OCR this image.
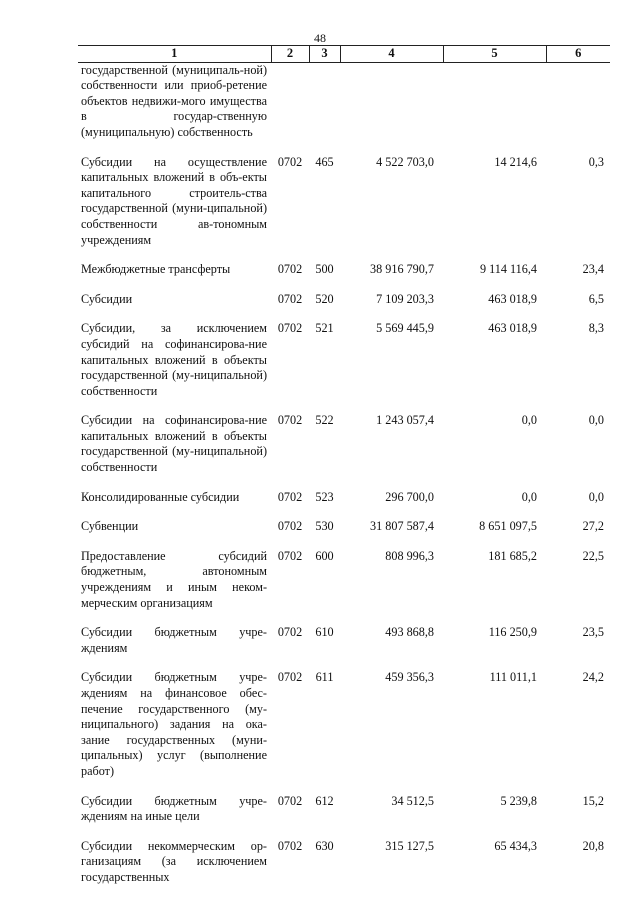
48
1	2	3	4	5	6
государственной (муниципаль-ной) собственности или приоб-ретение объектов недвижи-мого имущества в государ-ственную (муниципальную) собственность					
Субсидии на осуществление капитальных вложений в объ-екты капитального строитель-ства государственной (муни-ципальной) собственности ав-тономным учреждениям	0702	465	4 522 703,0	14 214,6	0,3
Межбюджетные трансферты	0702	500	38 916 790,7	9 114 116,4	23,4
Субсидии	0702	520	7 109 203,3	463 018,9	6,5
Субсидии, за исключением субсидий на софинансирова-ние капитальных вложений в объекты государственной (му-ниципальной) собственности	0702	521	5 569 445,9	463 018,9	8,3
Субсидии на софинансирова-ние капитальных вложений в объекты государственной (му-ниципальной) собственности	0702	522	1 243 057,4	0,0	0,0
Консолидированные субсидии	0702	523	296 700,0	0,0	0,0
Субвенции	0702	530	31 807 587,4	8 651 097,5	27,2
Предоставление субсидий бюджетным, автономным учреждениям и иным неком-мерческим организациям	0702	600	808 996,3	181 685,2	22,5
Субсидии бюджетным учре-ждениям	0702	610	493 868,8	116 250,9	23,5
Субсидии бюджетным учре-ждениям на финансовое обес-печение государственного (му-ниципального) задания на ока-зание государственных (муни-ципальных) услуг (выполнение работ)	0702	611	459 356,3	111 011,1	24,2
Субсидии бюджетным учре-ждениям на иные цели	0702	612	34 512,5	5 239,8	15,2
Субсидии некоммерческим ор-ганизациям (за исключением государственных	0702	630	315 127,5	65 434,3	20,8
